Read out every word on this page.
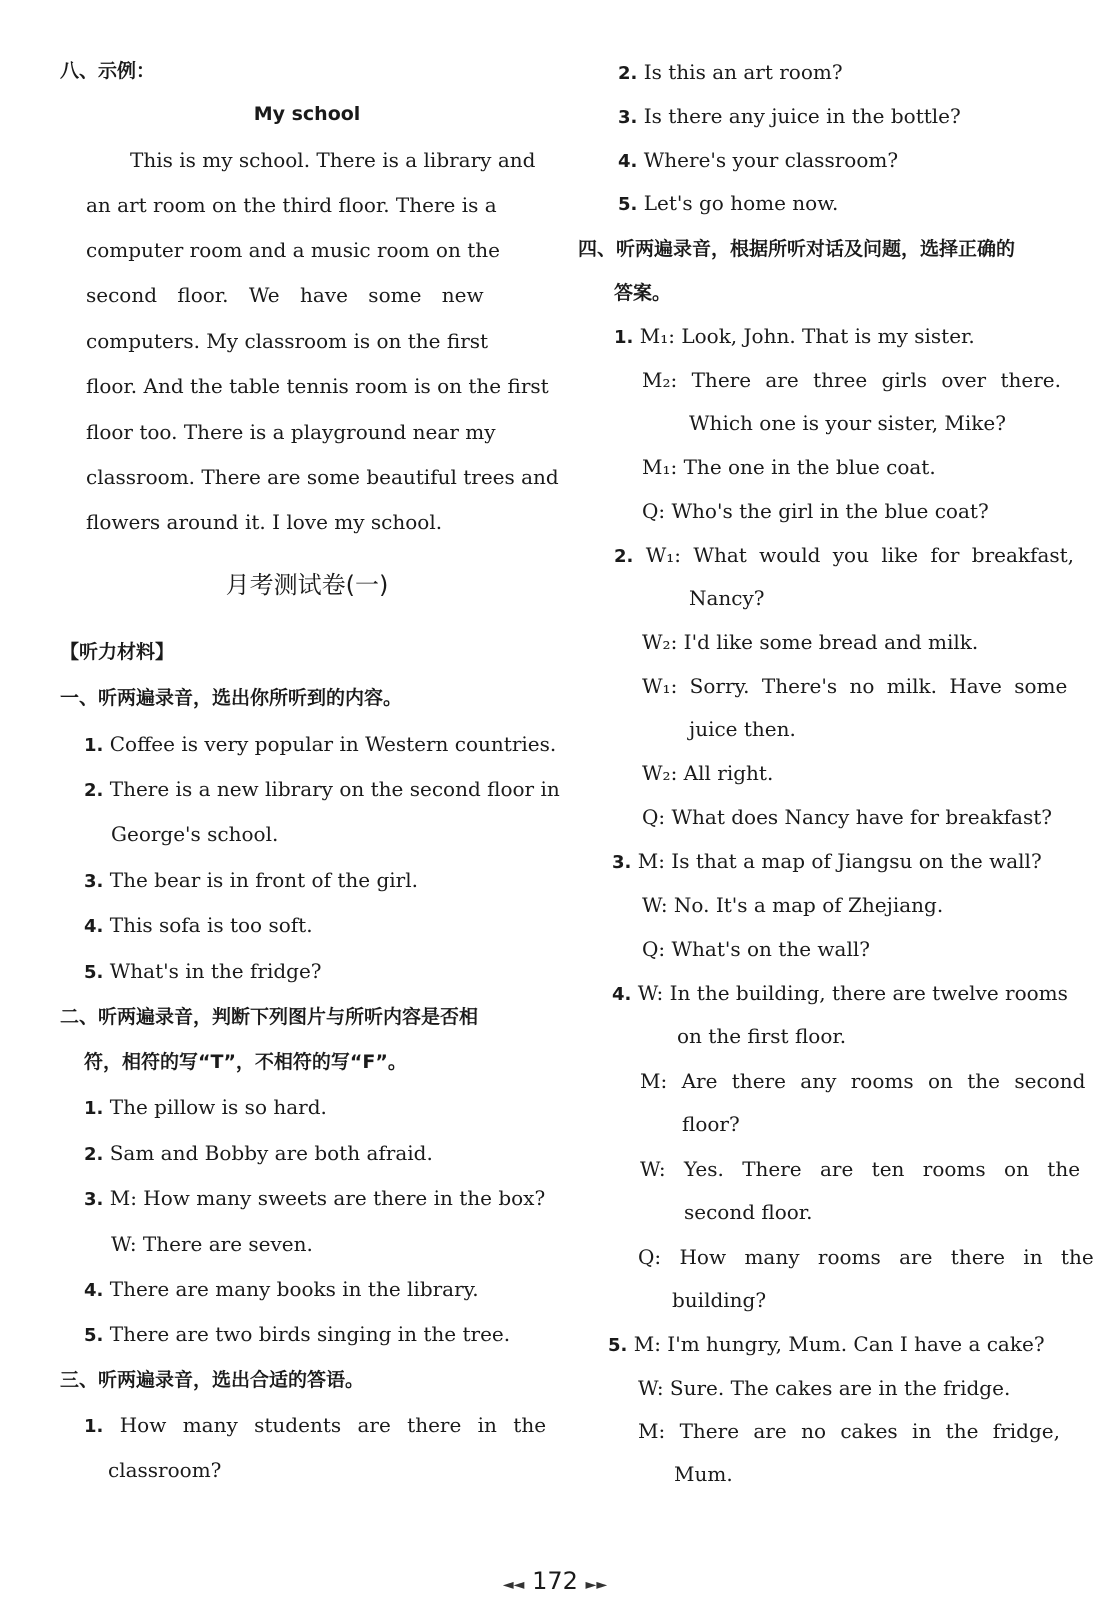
八、示例：
My school
This is my school. There is a library and
an art room on the third floor. There is a
computer room and a music room on the
second floor. We have some new
computers. My classroom is on the first
floor. And the table tennis room is on the first
floor too. There is a playground near my
classroom. There are some beautiful trees and
flowers around it. I love my school.
月考测试卷(一)
【听力材料】
一、听两遍录音，选出你所听到的内容。
1. Coffee is very popular in Western countries.
2. There is a new library on the second floor in
George's school.
3. The bear is in front of the girl.
4. This sofa is too soft.
5. What's in the fridge?
二、听两遍录音，判断下列图片与所听内容是否相
符，相符的写“T”，不相符的写“F”。
1. The pillow is so hard.
2. Sam and Bobby are both afraid.
3. M: How many sweets are there in the box?
W: There are seven.
4. There are many books in the library.
5. There are two birds singing in the tree.
三、听两遍录音，选出合适的答语。
1. How many students are there in the
classroom?
2. Is this an art room?
3. Is there any juice in the bottle?
4. Where's your classroom?
5. Let's go home now.
四、听两遍录音，根据所听对话及问题，选择正确的
答案。
1. M₁: Look, John. That is my sister.
M₂: There are three girls over there.
Which one is your sister, Mike?
M₁: The one in the blue coat.
Q: Who's the girl in the blue coat?
2. W₁: What would you like for breakfast,
Nancy?
W₂: I'd like some bread and milk.
W₁: Sorry. There's no milk. Have some
juice then.
W₂: All right.
Q: What does Nancy have for breakfast?
3. M: Is that a map of Jiangsu on the wall?
W: No. It's a map of Zhejiang.
Q: What's on the wall?
4. W: In the building, there are twelve rooms
on the first floor.
M: Are there any rooms on the second
floor?
W: Yes. There are ten rooms on the
second floor.
Q: How many rooms are there in the
building?
5. M: I'm hungry, Mum. Can I have a cake?
W: Sure. The cakes are in the fridge.
M: There are no cakes in the fridge,
Mum.
◄◄ 172 ►►
